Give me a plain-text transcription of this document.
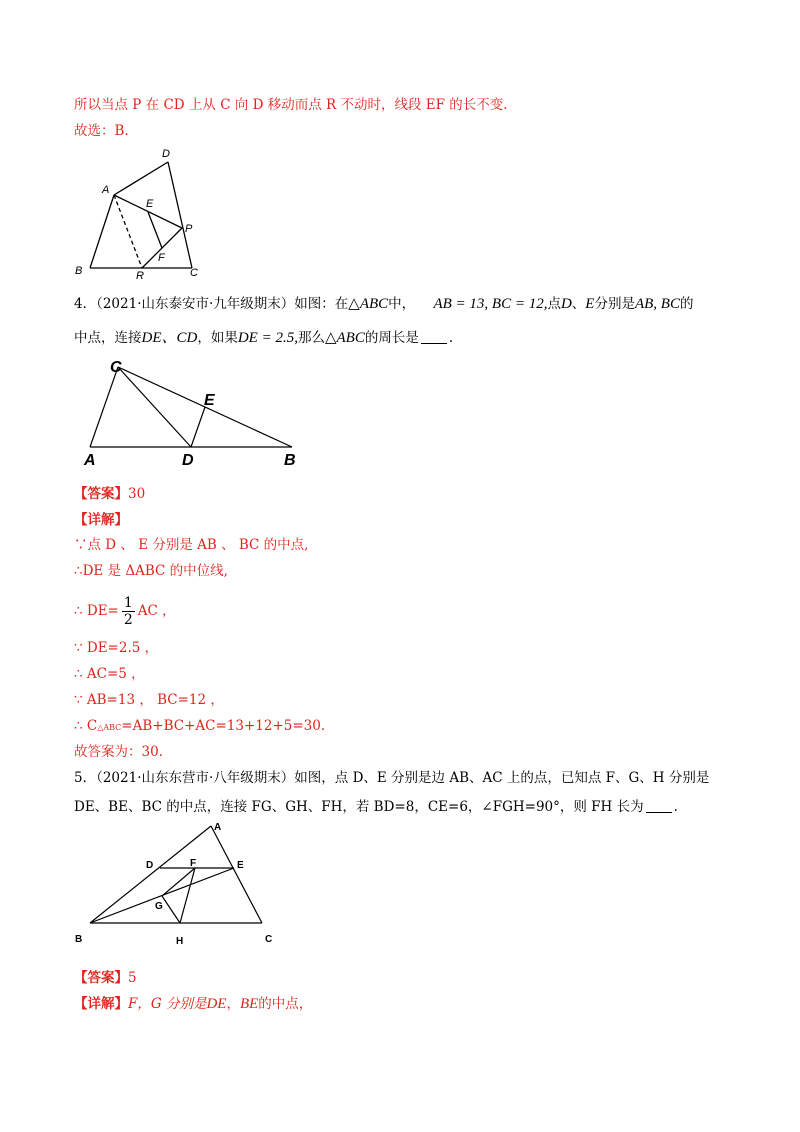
所以当点 P 在 CD 上从 C 向 D 移动而点 R 不动时，线段 EF 的长不变.
故选：B.
A
B	C
D
E
F
P
R
4．（2021·山东泰安市·九年级期末）如图：在△ABC中， AB = 13, BC = 12,点D、E分别是AB, BC的
中点，连接DE、CD，如果DE = 2.5,那么△ABC的周长是 .
A	B
C
D
E
【答案】30
【详解】
∵点 D 、 E 分别是 AB 、 BC 的中点,
∴DE 是 ΔABC 的中位线,
∴ $DE= \frac{1}{2}$ AC ，
∵ DE=2.5 ，
∴ AC=5 ，
∵ AB=13 ， BC=12 ，
∴ C△ABC=AB+BC+AC=13+12+5=30.
故答案为：30.
5．（2021·山东东营市·八年级期末）如图，点 D、E 分别是边 AB、AC 上的点，已知点 F、G、H 分别是
DE、BE、BC 的中点，连接 FG、GH、FH，若 BD=8，CE=6，∠FGH=90°，则 FH 长为 .
A
B	C
D	E
F
G
H
【答案】5
【详解】F，G 分别是DE，BE的中点，
